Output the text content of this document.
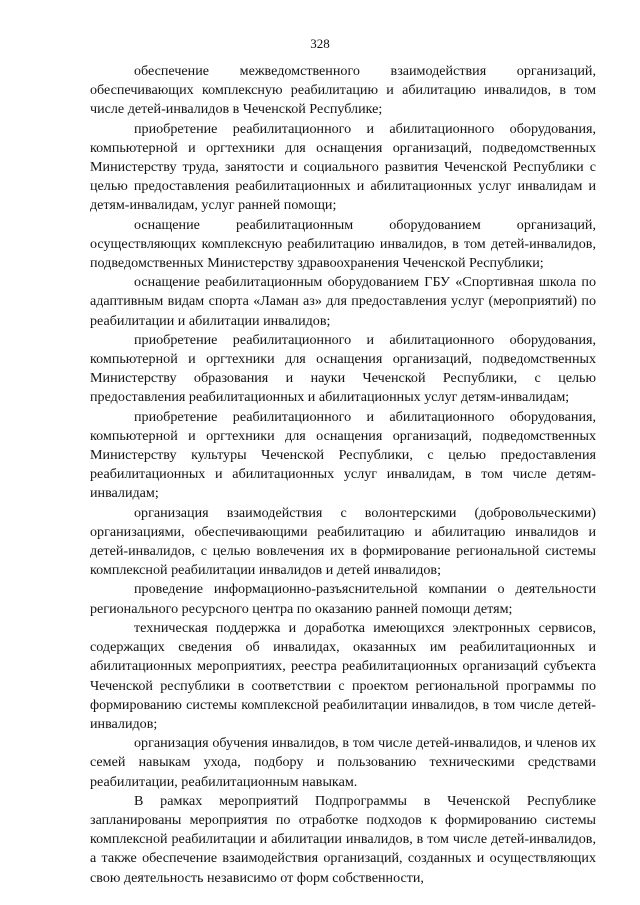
328

обеспечение межведомственного взаимодействия организаций, обеспечивающих комплексную реабилитацию и абилитацию инвалидов, в том числе детей-инвалидов в Чеченской Республике;

приобретение реабилитационного и абилитационного оборудования, компьютерной и оргтехники для оснащения организаций, подведомственных Министерству труда, занятости и социального развития Чеченской Республики с целью предоставления реабилитационных и абилитационных услуг инвалидам и детям-инвалидам, услуг ранней помощи;

оснащение реабилитационным оборудованием организаций, осуществляющих комплексную реабилитацию инвалидов, в том детей-инвалидов, подведомственных Министерству здравоохранения Чеченской Республики;

оснащение реабилитационным оборудованием ГБУ «Спортивная школа по адаптивным видам спорта «Ламан аз» для предоставления услуг (мероприятий) по реабилитации и абилитации инвалидов;

приобретение реабилитационного и абилитационного оборудования, компьютерной и оргтехники для оснащения организаций, подведомственных Министерству образования и науки Чеченской Республики, с целью предоставления реабилитационных и абилитационных услуг детям-инвалидам;

приобретение реабилитационного и абилитационного оборудования, компьютерной и оргтехники для оснащения организаций, подведомственных Министерству культуры Чеченской Республики, с целью предоставления реабилитационных и абилитационных услуг инвалидам, в том числе детям-инвалидам;

организация взаимодействия с волонтерскими (добровольческими) организациями, обеспечивающими реабилитацию и абилитацию инвалидов и детей-инвалидов, с целью вовлечения их в формирование региональной системы комплексной реабилитации инвалидов и детей инвалидов;

проведение информационно-разъяснительной компании о деятельности регионального ресурсного центра по оказанию ранней помощи детям;

техническая поддержка и доработка имеющихся электронных сервисов, содержащих сведения об инвалидах, оказанных им реабилитационных и абилитационных мероприятиях, реестра реабилитационных организаций субъекта Чеченской республики в соответствии с проектом региональной программы по формированию системы комплексной реабилитации инвалидов, в том числе детей-инвалидов;

организация обучения инвалидов, в том числе детей-инвалидов, и членов их семей навыкам ухода, подбору и пользованию техническими средствами реабилитации, реабилитационным навыкам.

В рамках мероприятий Подпрограммы в Чеченской Республике запланированы мероприятия по отработке подходов к формированию системы комплексной реабилитации и абилитации инвалидов, в том числе детей-инвалидов, а также обеспечение взаимодействия организаций, созданных и осуществляющих свою деятельность независимо от форм собственности,
